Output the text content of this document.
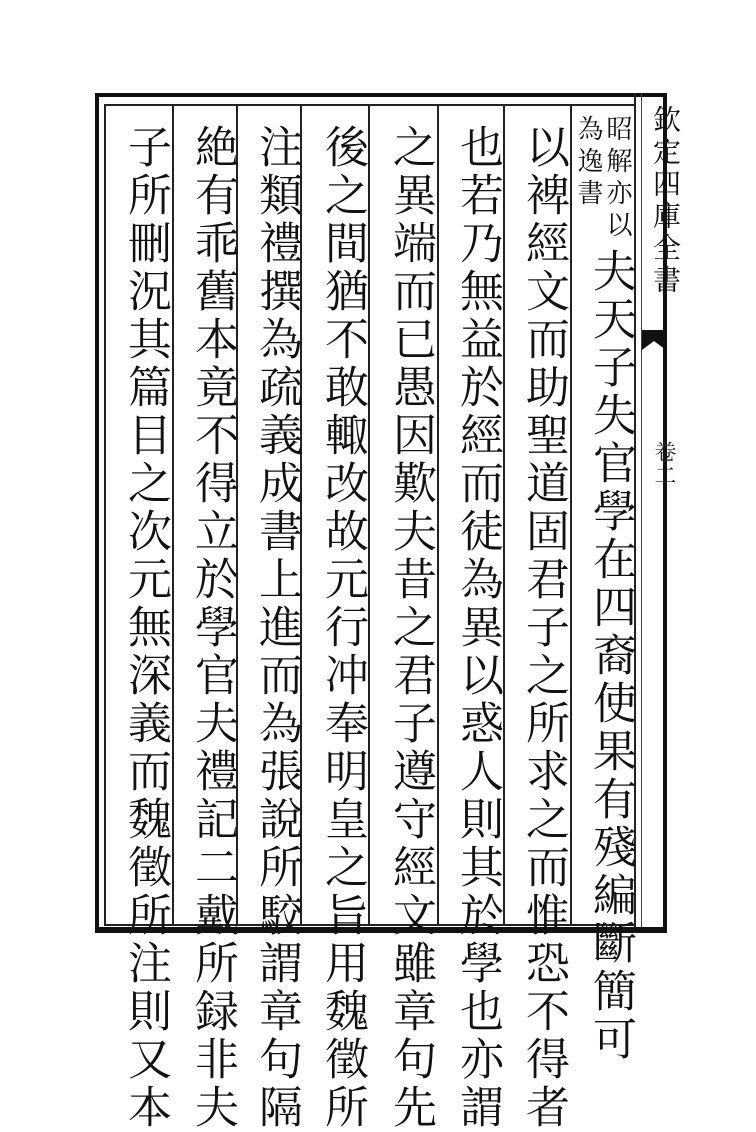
欽定四庫全書
卷二
夫天子失官學在四裔使果有殘編斷簡可
昭解亦以
為逸書
以裨經文而助聖道固君子之所求之而惟恐不得者
也若乃無益於經而徒為異以惑人則其於學也亦謂
之異端而已愚因歎夫昔之君子遵守經文雖章句先
後之間猶不敢輙改故元行冲奉明皇之旨用魏徵所
注類禮撰為疏義成書上進而為張說所駮謂章句隔
絶有乖舊本竟不得立於學官夫禮記二戴所録非夫
子所刪況其篇目之次元無深義而魏徵所注則又本
